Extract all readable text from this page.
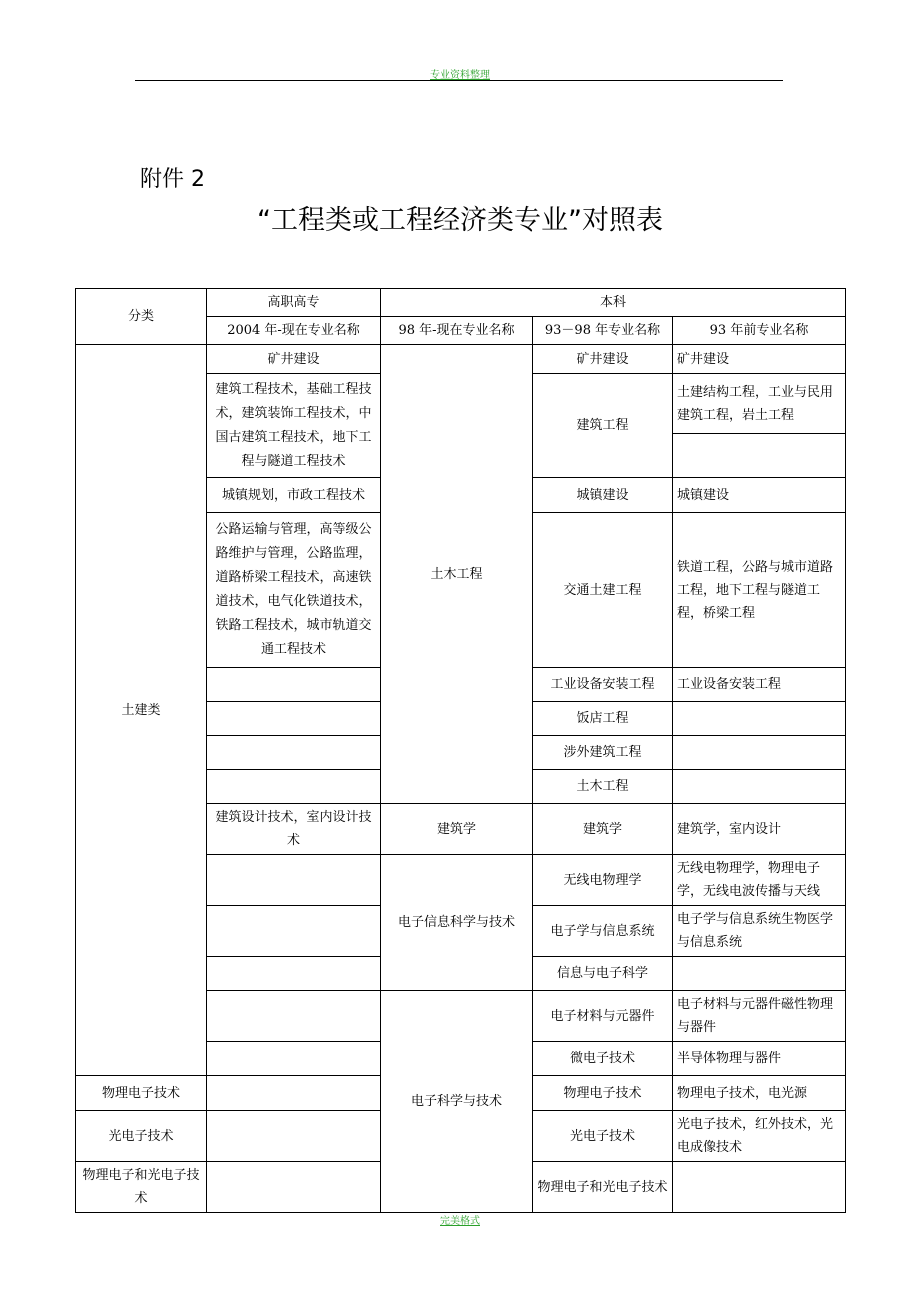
专业资料整理
附件 2
“工程类或工程经济类专业”对照表
分类	高职高专	本科		
	2004 年-现在专业名称	98 年-现在专业名称	93－98 年专业名称	93 年前专业名称
土建类	矿井建设	土木工程	矿井建设	矿井建设
	建筑工程技术，基础工程技术，建筑装饰工程技术，中国古建筑工程技术，地下工程与隧道工程技术		建筑工程	土建结构工程，工业与民用建筑工程，岩土工程

	城镇规划，市政工程技术		城镇建设	城镇建设
	公路运输与管理，高等级公路维护与管理，公路监理，道路桥梁工程技术，高速铁道技术，电气化铁道技术，铁路工程技术，城市轨道交通工程技术		交通土建工程	铁道工程，公路与城市道路工程，地下工程与隧道工程，桥梁工程

			工业设备安装工程	工业设备安装工程
			饭店工程	
			涉外建筑工程	
			土木工程	
	建筑设计技术，室内设计技术	建筑学	建筑学	建筑学，室内设计
		电子信息科学与技术	无线电物理学	无线电物理学，物理电子学，无线电波传播与天线
			电子学与信息系统	电子学与信息系统生物医学与信息系统
			信息与电子科学	
		电子科学与技术	电子材料与元器件	电子材料与元器件磁性物理与器件
			微电子技术	半导体物理与器件
物理电子技术			物理电子技术	物理电子技术，电光源
光电子技术			光电子技术	光电子技术，红外技术，光电成像技术
物理电子和光电子技术			物理电子和光电子技术	
完美格式
